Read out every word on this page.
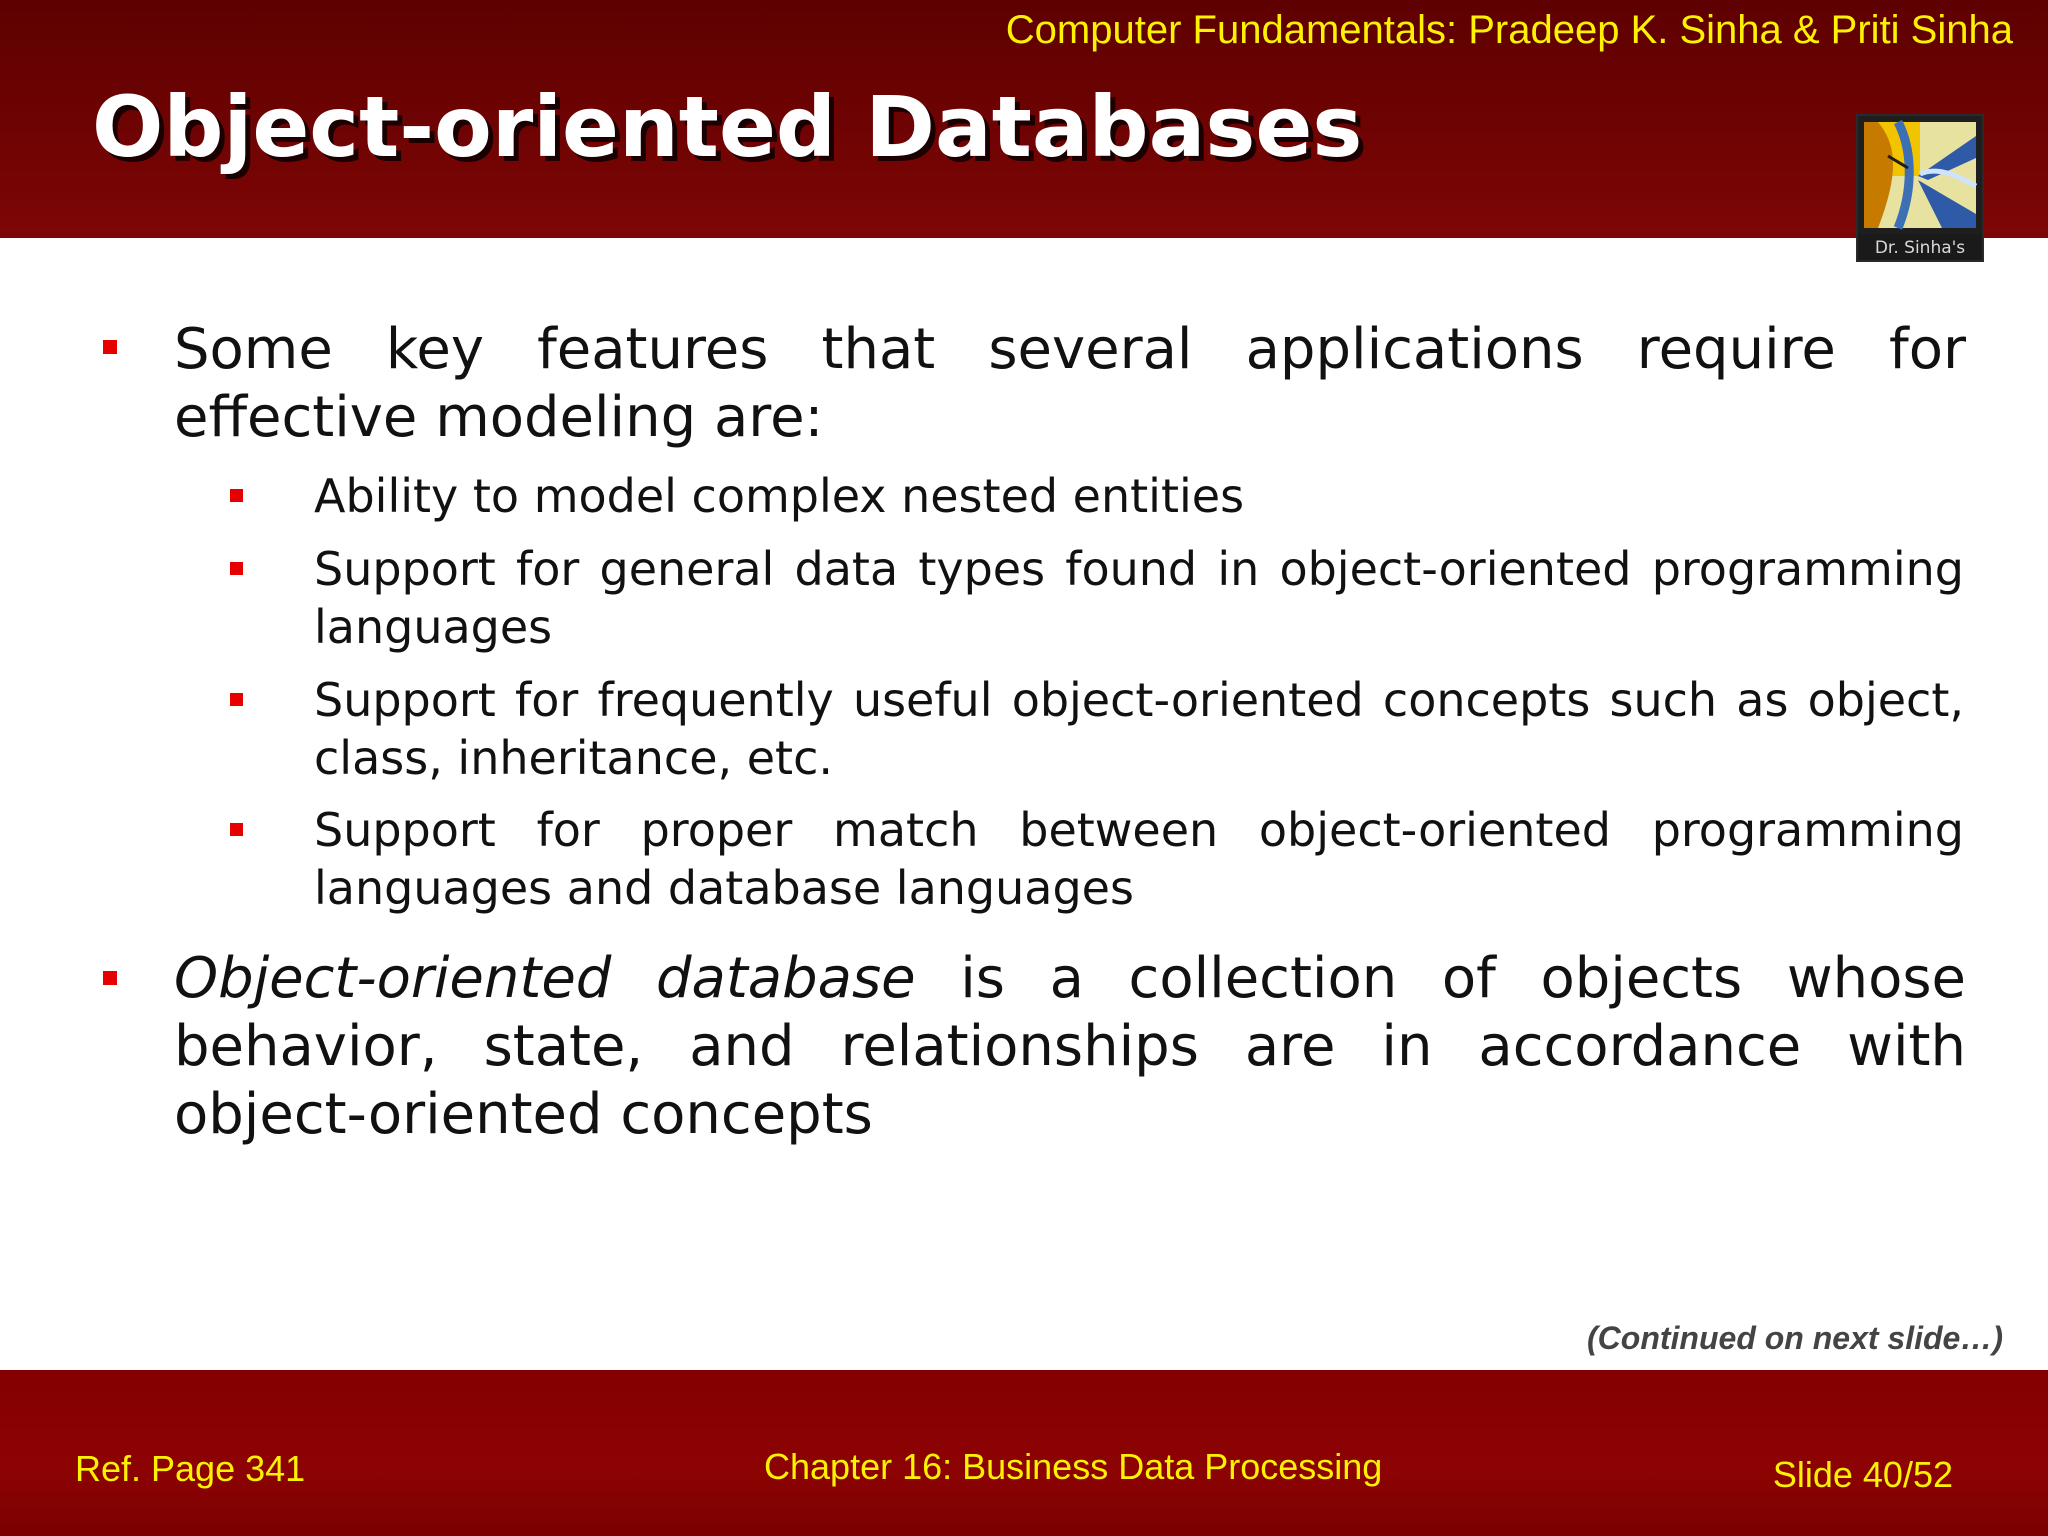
Computer Fundamentals: Pradeep K. Sinha & Priti Sinha
Object-oriented Databases
Dr. Sinha's
Some key features that several applications require for effective modeling are:
Ability to model complex nested entities
Support for general data types found in object-oriented programming languages
Support for frequently useful object-oriented concepts such as object, class, inheritance, etc.
Support for proper match between object-oriented programming languages and database languages
Object-oriented database is a collection of objects whose behavior, state, and relationships are in accordance with object-oriented concepts
(Continued on next slide…)
Ref. Page 341	Chapter 16: Business Data Processing	Slide 40/52
